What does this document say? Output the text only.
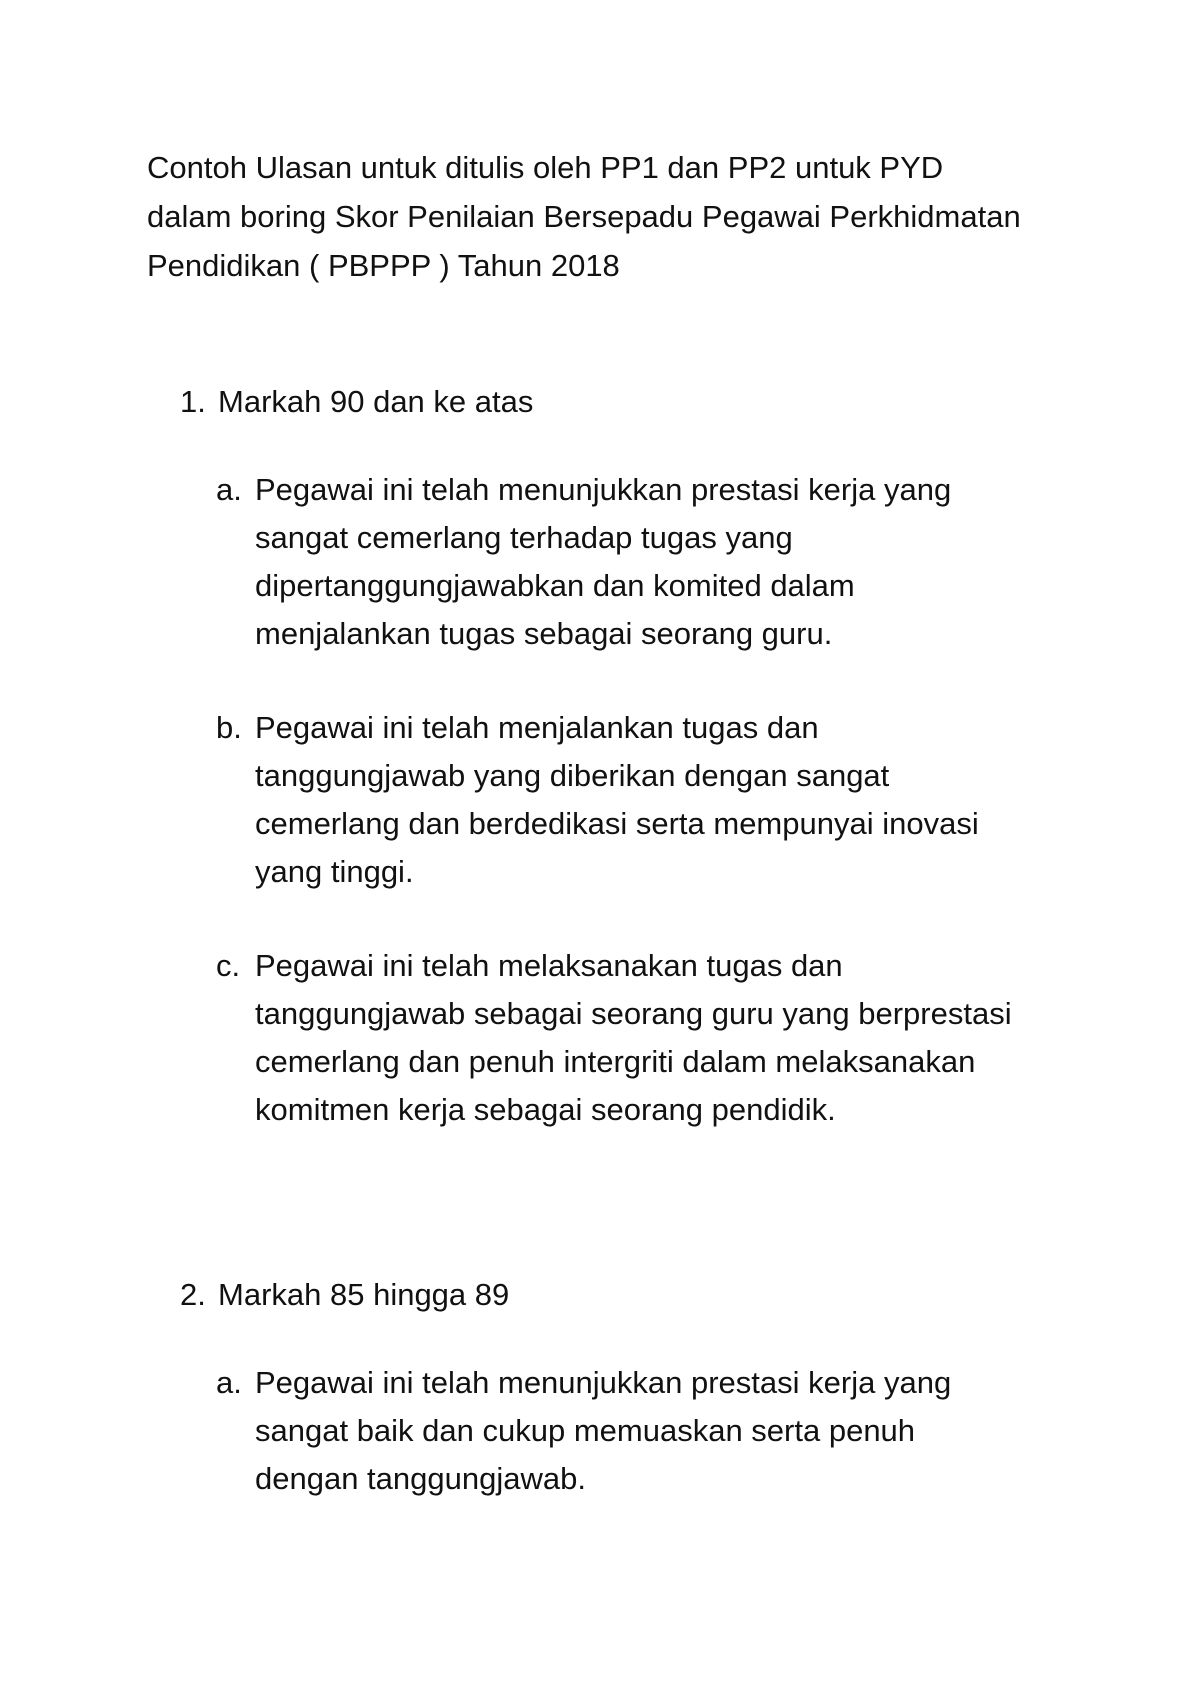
Contoh Ulasan untuk ditulis oleh PP1 dan PP2 untuk PYD
dalam boring Skor Penilaian Bersepadu Pegawai Perkhidmatan
Pendidikan ( PBPPP ) Tahun 2018

1. Markah 90 dan ke atas

a. Pegawai ini telah menunjukkan prestasi kerja yang
sangat cemerlang terhadap tugas yang
dipertanggungjawabkan dan komited dalam
menjalankan tugas sebagai seorang guru.
b. Pegawai ini telah menjalankan tugas dan
tanggungjawab yang diberikan dengan sangat
cemerlang dan berdedikasi serta mempunyai inovasi
yang tinggi.
c. Pegawai ini telah melaksanakan tugas dan
tanggungjawab sebagai seorang guru yang berprestasi
cemerlang dan penuh intergriti dalam melaksanakan
komitmen kerja sebagai seorang pendidik.

2. Markah 85 hingga 89

a. Pegawai ini telah menunjukkan prestasi kerja yang
sangat baik dan cukup memuaskan serta penuh
dengan tanggungjawab.
